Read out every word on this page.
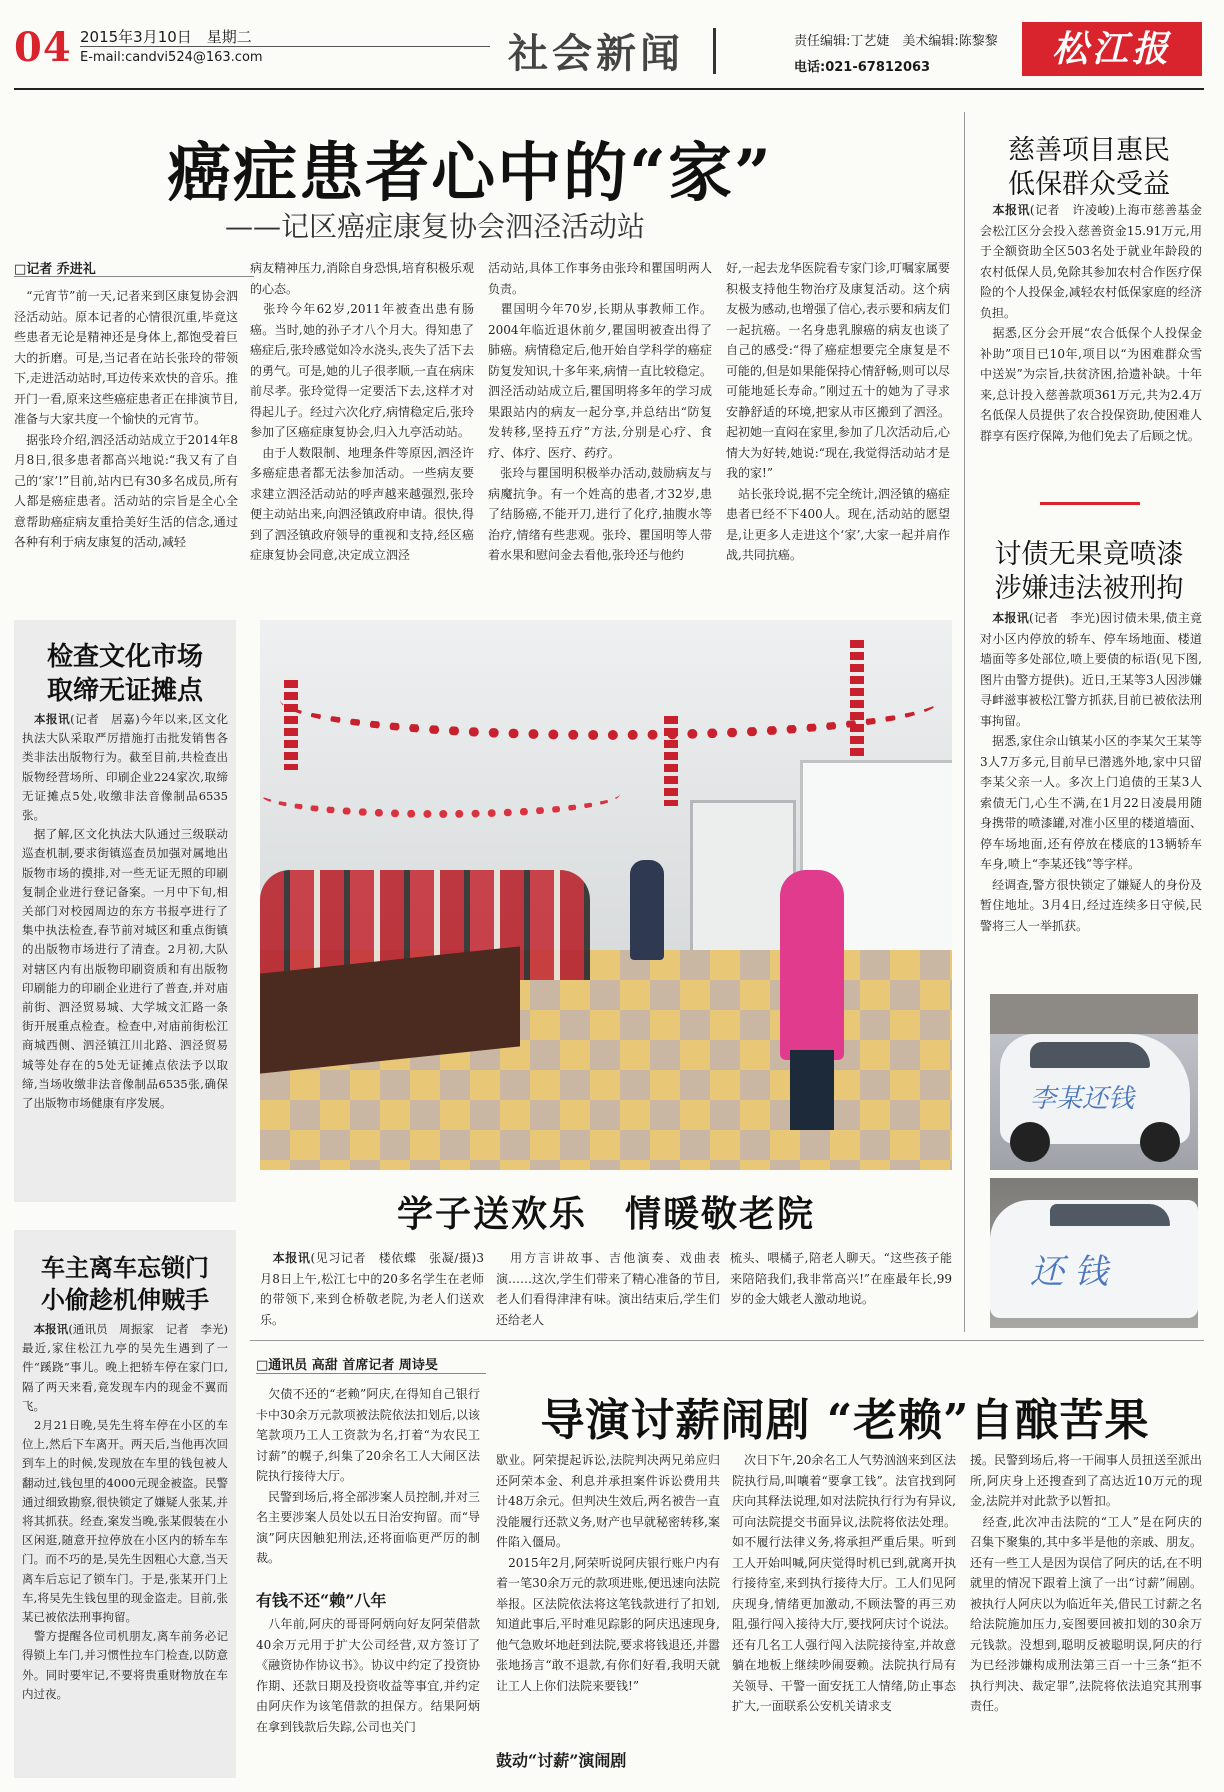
04 2015年3月10日　星期二
E-mail:candvi524@163.com	社会新闻	责任编辑:丁艺婕　美术编辑:陈黎黎
电话:021-67812063	松江报
癌症患者心中的“家”
——记区癌症康复协会泗泾活动站
□记者 乔进礼
　“元宵节”前一天,记者来到区康复协会泗泾活动站。原本记者的心情很沉重,毕竟这些患者无论是精神还是身体上,都饱受着巨大的折磨。可是,当记者在站长张玲的带领下,走进活动站时,耳边传来欢快的音乐。推开门一看,原来这些癌症患者正在排演节目,准备与大家共度一个愉快的元宵节。
　据张玲介绍,泗泾活动站成立于2014年8月8日,很多患者都高兴地说:“我又有了自己的‘家’!”目前,站内已有30多名成员,所有人都是癌症患者。活动站的宗旨是全心全意帮助癌症病友重拾美好生活的信念,通过各种有利于病友康复的活动,减轻
病友精神压力,消除自身恐惧,培育积极乐观的心态。
　张玲今年62岁,2011年被查出患有肠癌。当时,她的孙子才八个月大。得知患了癌症后,张玲感觉如冷水浇头,丧失了活下去的勇气。可是,她的儿子很孝顺,一直在病床前尽孝。张玲觉得一定要活下去,这样才对得起儿子。经过六次化疗,病情稳定后,张玲参加了区癌症康复协会,归入九亭活动站。
　由于人数限制、地理条件等原因,泗泾许多癌症患者都无法参加活动。一些病友要求建立泗泾活动站的呼声越来越强烈,张玲便主动站出来,向泗泾镇政府申请。很快,得到了泗泾镇政府领导的重视和支持,经区癌症康复协会同意,决定成立泗泾
活动站,具体工作事务由张玲和瞿国明两人负责。
　瞿国明今年70岁,长期从事教师工作。2004年临近退休前夕,瞿国明被查出得了肺癌。病情稳定后,他开始自学科学的癌症防复发知识,十多年来,病情一直比较稳定。泗泾活动站成立后,瞿国明将多年的学习成果跟站内的病友一起分享,并总结出“防复发转移,坚持五疗”方法,分别是心疗、食疗、体疗、医疗、药疗。
　张玲与瞿国明积极举办活动,鼓励病友与病魔抗争。有一个姓高的患者,才32岁,患了结肠癌,不能开刀,进行了化疗,抽腹水等治疗,情绪有些悲观。张玲、瞿国明等人带着水果和慰问金去看他,张玲还与他约
好,一起去龙华医院看专家门诊,叮嘱家属要积极支持他生物治疗及康复活动。这个病友极为感动,也增强了信心,表示要和病友们一起抗癌。一名身患乳腺癌的病友也谈了自己的感受:“得了癌症想要完全康复是不可能的,但是如果能保持心情舒畅,则可以尽可能地延长寿命。”刚过五十的她为了寻求安静舒适的环境,把家从市区搬到了泗泾。起初她一直闷在家里,参加了几次活动后,心情大为好转,她说:“现在,我觉得活动站才是我的家!”
　站长张玲说,据不完全统计,泗泾镇的癌症患者已经不下400人。现在,活动站的愿望是,让更多人走进这个‘家’,大家一起并肩作战,共同抗癌。
慈善项目惠民
低保群众受益
　本报讯(记者　许凌峻)上海市慈善基金会松江区分会投入慈善资金15.91万元,用于全额资助全区503名处于就业年龄段的农村低保人员,免除其参加农村合作医疗保险的个人投保金,减轻农村低保家庭的经济负担。
　据悉,区分会开展“农合低保个人投保金补助”项目已10年,项目以“为困难群众雪中送炭”为宗旨,扶贫济困,拾遗补缺。十年来,总计投入慈善款项361万元,共为2.4万名低保人员提供了农合投保资助,使困难人群享有医疗保障,为他们免去了后顾之忧。
讨债无果竟喷漆
涉嫌违法被刑拘
　本报讯(记者　李光)因讨债未果,债主竟对小区内停放的轿车、停车场地面、楼道墙面等多处部位,喷上要债的标语(见下图,图片由警方提供)。近日,王某等3人因涉嫌寻衅滋事被松江警方抓获,目前已被依法刑事拘留。
　据悉,家住佘山镇某小区的李某欠王某等3人7万多元,目前早已潜逃外地,家中只留李某父亲一人。多次上门追债的王某3人索债无门,心生不满,在1月22日凌晨用随身携带的喷漆罐,对准小区里的楼道墙面、停车场地面,还有停放在楼底的13辆轿车车身,喷上“李某还钱”等字样。
　经调查,警方很快锁定了嫌疑人的身份及暂住地址。3月4日,经过连续多日守候,民警将三人一举抓获。
李某还钱
还钱
检查文化市场
取缔无证摊点
　本报讯(记者　居嘉)今年以来,区文化执法大队采取严厉措施打击批发销售各类非法出版物行为。截至目前,共检查出版物经营场所、印刷企业224家次,取缔无证摊点5处,收缴非法音像制品6535张。
　据了解,区文化执法大队通过三级联动巡查机制,要求街镇巡查员加强对属地出版物市场的摸排,对一些无证无照的印刷复制企业进行登记备案。一月中下旬,相关部门对校园周边的东方书报亭进行了集中执法检查,春节前对城区和重点街镇的出版物市场进行了清查。2月初,大队对辖区内有出版物印刷资质和有出版物印刷能力的印刷企业进行了普查,并对庙前街、泗泾贸易城、大学城文汇路一条街开展重点检查。检查中,对庙前街松江商城西侧、泗泾镇江川北路、泗泾贸易城等处存在的5处无证摊点依法予以取缔,当场收缴非法音像制品6535张,确保了出版物市场健康有序发展。
车主离车忘锁门
小偷趁机伸贼手
　本报讯(通讯员　周振家　记者　李光)最近,家住松江九亭的吴先生遇到了一件“蹊跷”事儿。晚上把轿车停在家门口,隔了两天来看,竟发现车内的现金不翼而飞。
　2月21日晚,吴先生将车停在小区的车位上,然后下车离开。两天后,当他再次回到车上的时候,发现放在车里的钱包被人翻动过,钱包里的4000元现金被盗。民警通过细致勘察,很快锁定了嫌疑人张某,并将其抓获。经查,案发当晚,张某假装在小区闲逛,随意开拉停放在小区内的轿车车门。而不巧的是,吴先生因粗心大意,当天离车后忘记了锁车门。于是,张某开门上车,将吴先生钱包里的现金盗走。目前,张某已被依法刑事拘留。
　警方提醒各位司机朋友,离车前务必记得锁上车门,并习惯性拉车门检查,以防意外。同时要牢记,不要将贵重财物放在车内过夜。
学子送欢乐　情暖敬老院
　本报讯(见习记者　楼依蝶　张凝/摄)3月8日上午,松江七中的20多名学生在老师的带领下,来到仓桥敬老院,为老人们送欢乐。
　用方言讲故事、吉他演奏、戏曲表演……这次,学生们带来了精心准备的节目,老人们看得津津有味。演出结束后,学生们还给老人
梳头、喂橘子,陪老人聊天。“这些孩子能来陪陪我们,我非常高兴!”在座最年长,99岁的金大娥老人激动地说。
□通讯员 高甜 首席记者 周诗旻
导演讨薪闹剧 “老赖”自酿苦果
　欠债不还的“老赖”阿庆,在得知自己银行卡中30余万元款项被法院依法扣划后,以该笔款项乃工人工资款为名,打着“为农民工讨薪”的幌子,纠集了20余名工人大闹区法院执行接待大厅。
　民警到场后,将全部涉案人员控制,并对三名主要涉案人员处以五日治安拘留。而“导演”阿庆因触犯刑法,还将面临更严厉的制裁。
有钱不还“赖”八年
　八年前,阿庆的哥哥阿炳向好友阿荣借款40余万元用于扩大公司经营,双方签订了《融资协作协议书》。协议中约定了投资协作期、还款日期及投资收益等事宜,并约定由阿庆作为该笔借款的担保方。结果阿炳在拿到钱款后失踪,公司也关门
歇业。阿荣提起诉讼,法院判决两兄弟应归还阿荣本金、利息并承担案件诉讼费用共计48万余元。但判决生效后,两名被告一直没能履行还款义务,财产也早就秘密转移,案件陷入僵局。
　2015年2月,阿荣听说阿庆银行账户内有着一笔30余万元的款项进账,便迅速向法院举报。区法院依法将这笔钱款进行了扣划,知道此事后,平时难见踪影的阿庆迅速现身,他气急败坏地赶到法院,要求将钱退还,并嚣张地扬言“敢不退款,有你们好看,我明天就让工人上你们法院来要钱!”
鼓动“讨薪”演闹剧
　次日下午,20余名工人气势汹汹来到区法院执行局,叫嚷着“要拿工钱”。法官找到阿庆向其释法说理,如对法院执行行为有异议,可向法院提交书面异议,法院将依法处理。如不履行法律义务,将承担严重后果。听到工人开始叫喊,阿庆觉得时机已到,就离开执行接待室,来到执行接待大厅。工人们见阿庆现身,情绪更加激动,不顾法警的再三劝阻,强行闯入接待大厅,要找阿庆讨个说法。还有几名工人强行闯入法院接待室,并故意躺在地板上继续吵闹耍赖。法院执行局有关领导、干警一面安抚工人情绪,防止事态扩大,一面联系公安机关请求支
援。民警到场后,将一干闹事人员扭送至派出所,阿庆身上还搜查到了高达近10万元的现金,法院并对此款予以暂扣。
　经查,此次冲击法院的“工人”是在阿庆的召集下聚集的,其中多半是他的亲戚、朋友。还有一些工人是因为误信了阿庆的话,在不明就里的情况下跟着上演了一出“讨薪”闹剧。被执行人阿庆以为临近年关,借民工讨薪之名给法院施加压力,妄图要回被扣划的30余万元钱款。没想到,聪明反被聪明误,阿庆的行为已经涉嫌构成刑法第三百一十三条“拒不执行判决、裁定罪”,法院将依法追究其刑事责任。
